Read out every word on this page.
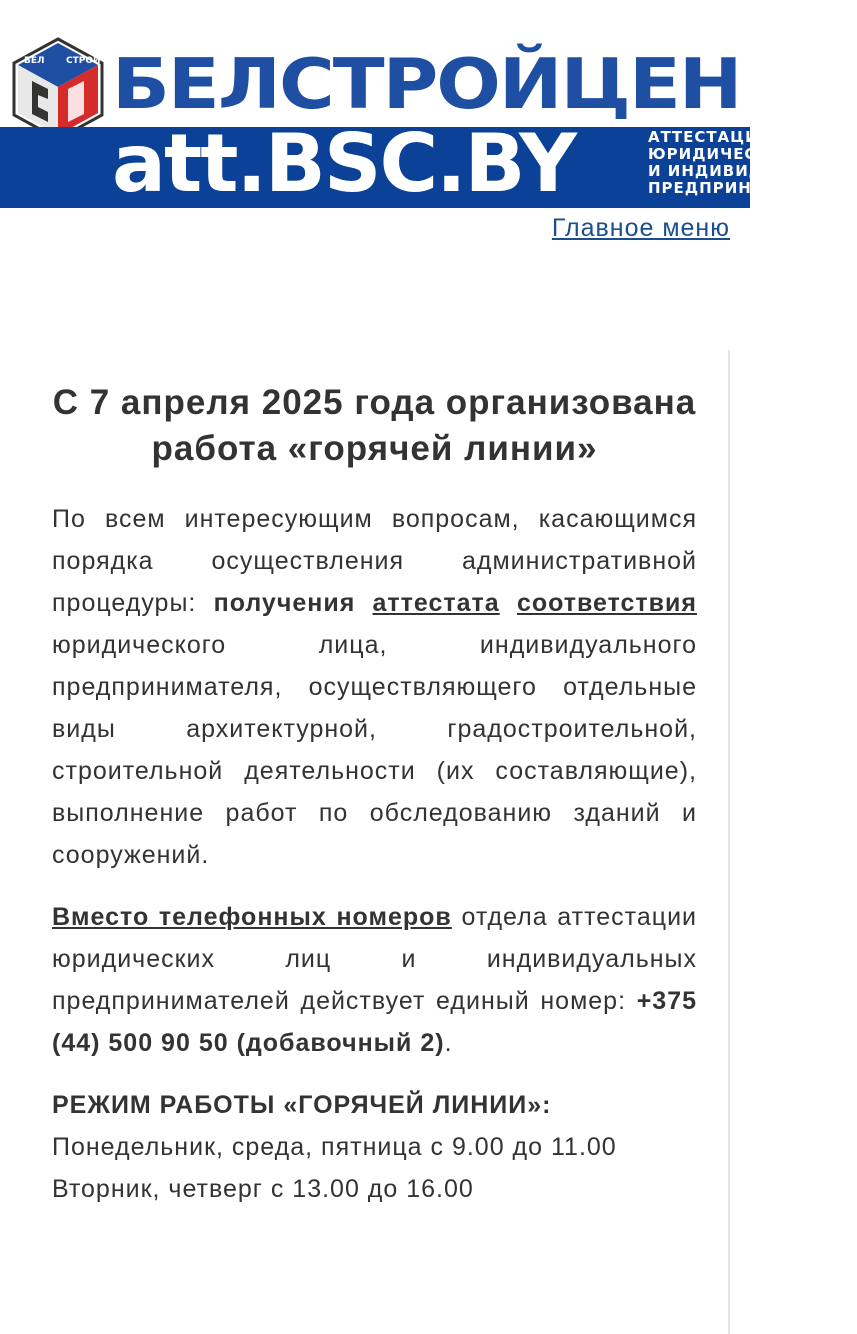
БЕЛ СТРОЙ БЕЛСТРОЙЦЕН
att.BSC.BY	АТТЕСТАЦИЯ
ЮРИДИЧЕСКИХ
И ИНДИВИДУАЛЬНЫХ
ПРЕДПРИНИМАТЕЛЕЙ
Главное меню
С 7 апреля 2025 года организована работа «горячей линии»

По всем интересующим вопросам, касающимся порядка осуществления административной процедуры: получения аттестата соответствия юридического лица, индивидуального предпринимателя, осуществляющего отдельные виды архитектурной, градостроительной, строительной деятельности (их составляющие), выполнение работ по обследованию зданий и сооружений.

Вместо телефонных номеров отдела аттестации юридических лиц и индивидуальных предпринимателей действует единый номер: +375 (44) 500 90 50 (добавочный 2).

РЕЖИМ РАБОТЫ «ГОРЯЧЕЙ ЛИНИИ»:
Понедельник, среда, пятница с 9.00 до 11.00
Вторник, четверг с 13.00 до 16.00
